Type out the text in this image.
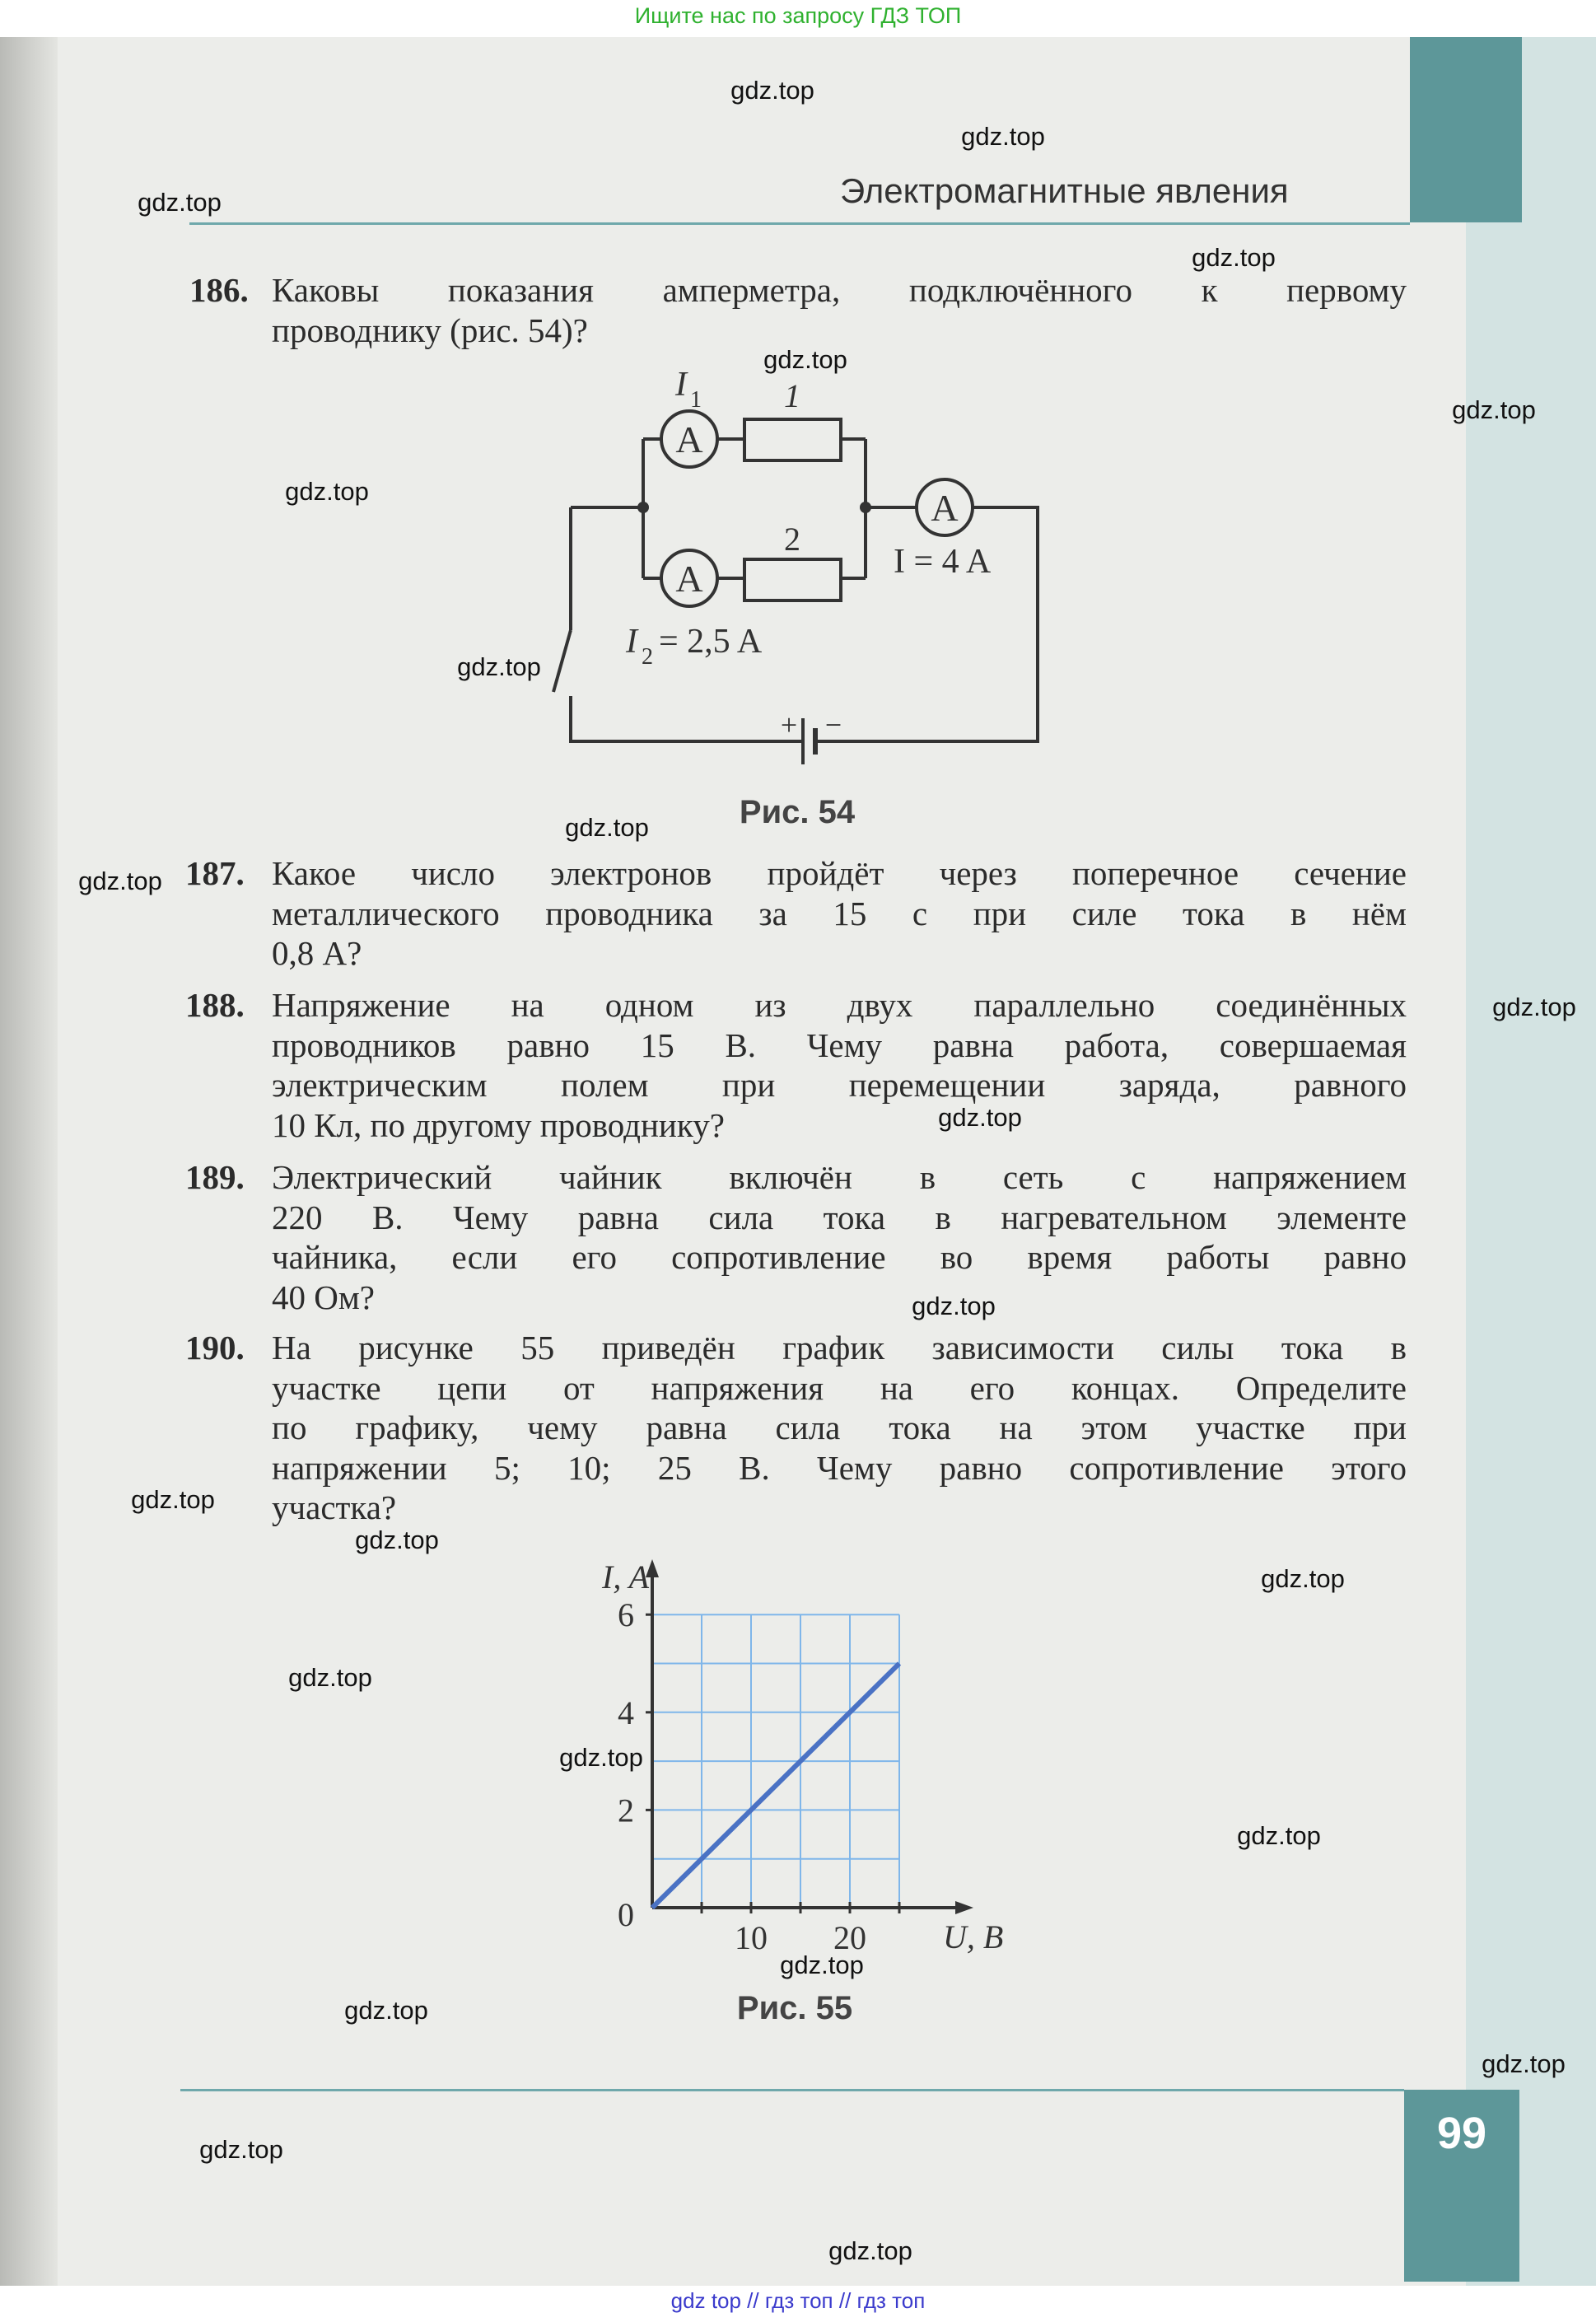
Ищите нас по запросу ГДЗ ТОП
Электромагнитные явления
186. Каковы показания амперметра, подключённого к первому
проводнику (рис. 54)?
187. Какое число электронов пройдёт через поперечное сечение
металлического проводника за 15 с при силе тока в нём
0,8 А?
188. Напряжение на одном из двух параллельно соединённых
проводников равно 15 В. Чему равна работа, совершаемая
электрическим полем при перемещении заряда, равного
10 Кл, по другому проводнику?
189. Электрический чайник включён в сеть с напряжением
220 В. Чему равна сила тока в нагревательном элементе
чайника, если его сопротивление во время работы равно
40 Ом?
190. На рисунке 55 приведён график зависимости силы тока в
участке цепи от напряжения на его концах. Определите
по графику, чему равна сила тока на этом участке при
напряжении 5; 10; 25 В. Чему равно сопротивление этого
участка?
A
A
A
I 1	1
2
I = 4 A
I 2 = 2,5 A
+ −
0
2
4
6
10 20
I, A
U, B
Рис. 54
Рис. 55
gdz.top
gdz.top
gdz.top
gdz.top
gdz.top
gdz.top
gdz.top
gdz.top
gdz.top
gdz.top
gdz.top
gdz.top
gdz.top
gdz.top
gdz.top
gdz.top
gdz.top
gdz.top
gdz.top
gdz.top
gdz.top
gdz.top
gdz.top
gdz.top
99
gdz top // гдз топ // гдз топ
